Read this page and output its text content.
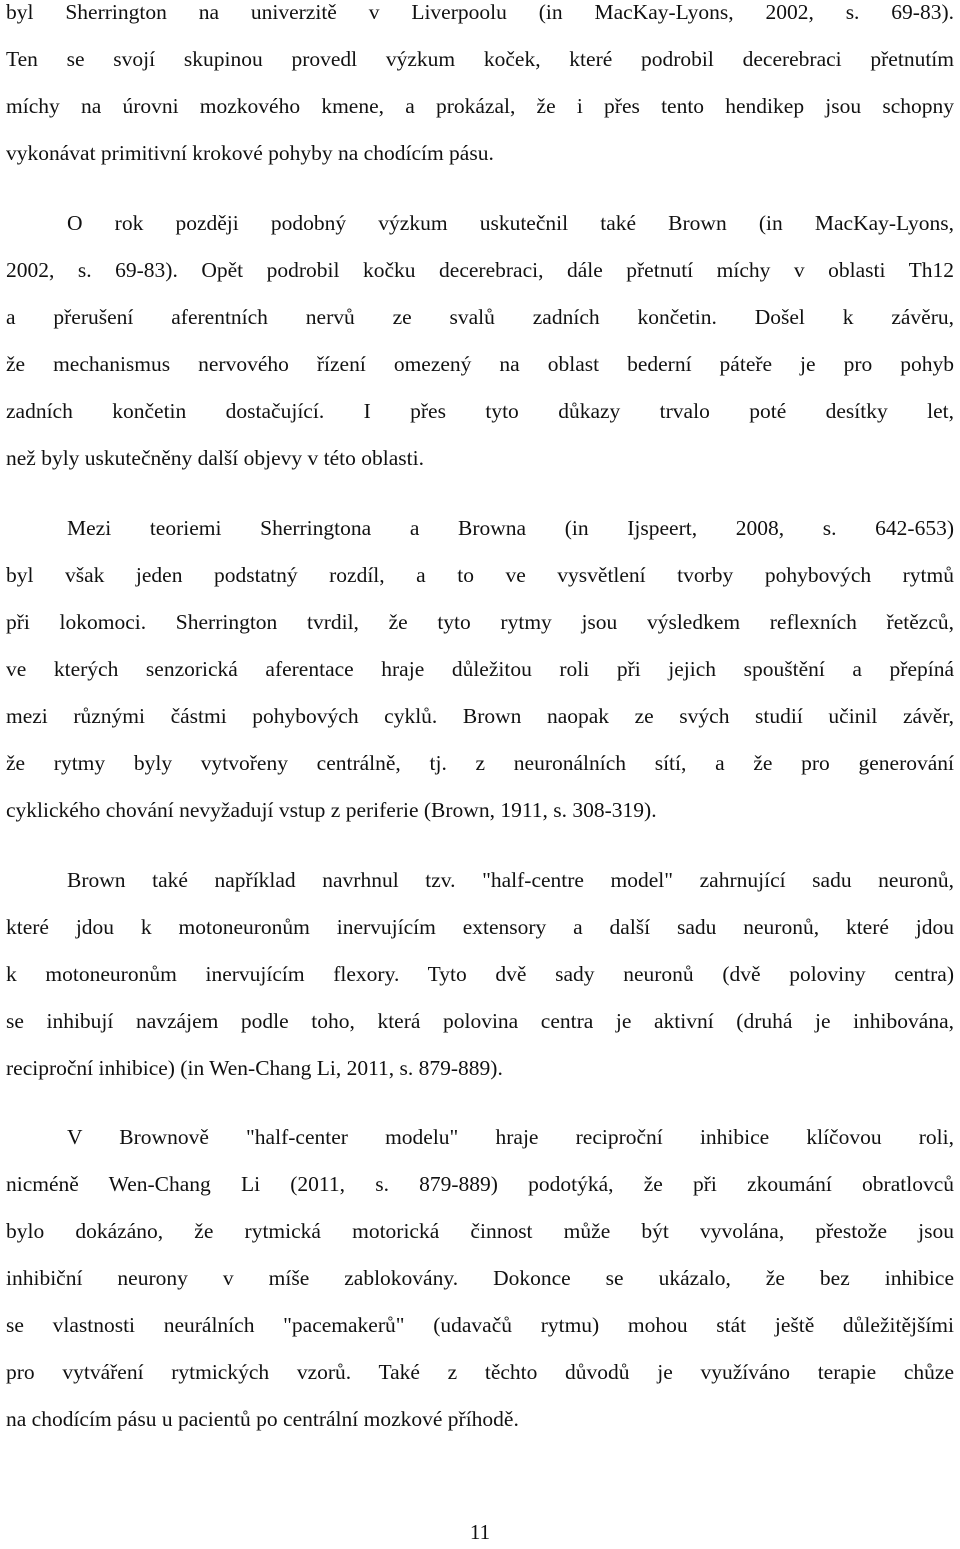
byl Sherrington na univerzitě v Liverpoolu (in MacKay-Lyons, 2002, s. 69-83).
Ten se svojí skupinou provedl výzkum koček, které podrobil decerebraci přetnutím
míchy na úrovni mozkového kmene, a prokázal, že i přes tento hendikep jsou schopny
vykonávat primitivní krokové pohyby na chodícím pásu.
O rok později podobný výzkum uskutečnil také Brown (in MacKay-Lyons,
2002, s. 69-83). Opět podrobil kočku decerebraci, dále přetnutí míchy v oblasti Th12
a přerušení aferentních nervů ze svalů zadních končetin. Došel k závěru,
že mechanismus nervového řízení omezený na oblast bederní páteře je pro pohyb
zadních končetin dostačující. I přes tyto důkazy trvalo poté desítky let,
než byly uskutečněny další objevy v této oblasti.
Mezi teoriemi Sherringtona a Browna (in Ijspeert, 2008, s. 642-653)
byl však jeden podstatný rozdíl, a to ve vysvětlení tvorby pohybových rytmů
při lokomoci. Sherrington tvrdil, že tyto rytmy jsou výsledkem reflexních řetězců,
ve kterých senzorická aferentace hraje důležitou roli při jejich spouštění a přepíná
mezi různými částmi pohybových cyklů. Brown naopak ze svých studií učinil závěr,
že rytmy byly vytvořeny centrálně, tj. z neuronálních sítí, a že pro generování
cyklického chování nevyžadují vstup z periferie (Brown, 1911, s. 308-319).
Brown také například navrhnul tzv. "half-centre model" zahrnující sadu neuronů,
které jdou k motoneuronům inervujícím extensory a další sadu neuronů, které jdou
k motoneuronům inervujícím flexory. Tyto dvě sady neuronů (dvě poloviny centra)
se inhibují navzájem podle toho, která polovina centra je aktivní (druhá je inhibována,
reciproční inhibice) (in Wen-Chang Li, 2011, s. 879-889).
V Brownově "half-center modelu" hraje reciproční inhibice klíčovou roli,
nicméně Wen-Chang Li (2011, s. 879-889) podotýká, že při zkoumání obratlovců
bylo dokázáno, že rytmická motorická činnost může být vyvolána, přestože jsou
inhibiční neurony v míše zablokovány. Dokonce se ukázalo, že bez inhibice
se vlastnosti neurálních "pacemakerů" (udavačů rytmu) mohou stát ještě důležitějšími
pro vytváření rytmických vzorů. Také z těchto důvodů je využíváno terapie chůze
na chodícím pásu u pacientů po centrální mozkové příhodě.
11
